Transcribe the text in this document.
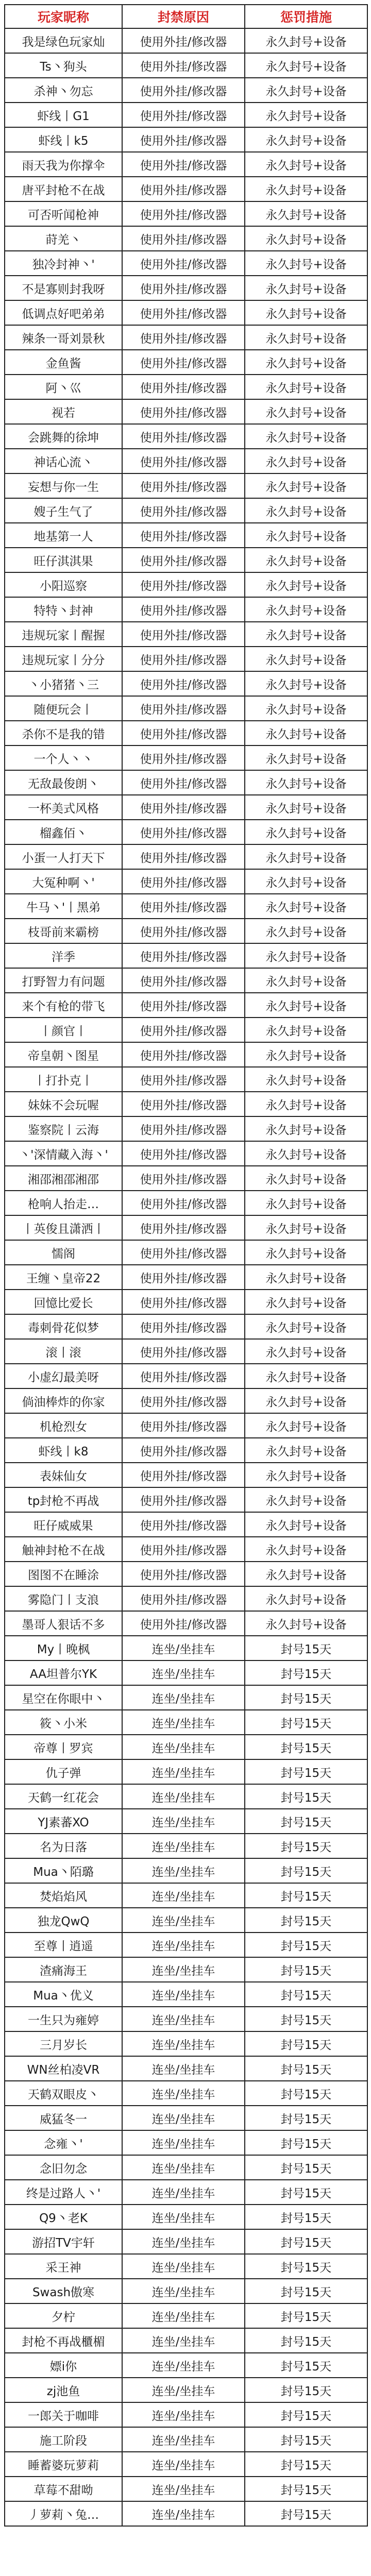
玩家昵称	封禁原因	惩罚措施
我是绿色玩家灿	使用外挂/修改器	永久封号+设备
Ts丶狗头	使用外挂/修改器	永久封号+设备
杀神丶勿忘	使用外挂/修改器	永久封号+设备
虾线丨G1	使用外挂/修改器	永久封号+设备
虾线丨k5	使用外挂/修改器	永久封号+设备
雨天我为你撑伞	使用外挂/修改器	永久封号+设备
唐平封枪不在战	使用外挂/修改器	永久封号+设备
可否听闻枪神	使用外挂/修改器	永久封号+设备
莳羌丶	使用外挂/修改器	永久封号+设备
独冷封神丶'	使用外挂/修改器	永久封号+设备
不是寡则封我呀	使用外挂/修改器	永久封号+设备
低调点好吧弟弟	使用外挂/修改器	永久封号+设备
辣条一哥刘景秋	使用外挂/修改器	永久封号+设备
金鱼酱	使用外挂/修改器	永久封号+设备
阿丶巛	使用外挂/修改器	永久封号+设备
视若	使用外挂/修改器	永久封号+设备
会跳舞的徐坤	使用外挂/修改器	永久封号+设备
神话心流丶	使用外挂/修改器	永久封号+设备
妄想与你一生	使用外挂/修改器	永久封号+设备
嫂子生气了	使用外挂/修改器	永久封号+设备
地基第一人	使用外挂/修改器	永久封号+设备
旺仔淇淇果	使用外挂/修改器	永久封号+设备
小阳巡察	使用外挂/修改器	永久封号+设备
特特丶封神	使用外挂/修改器	永久封号+设备
违规玩家丨醒握	使用外挂/修改器	永久封号+设备
违规玩家丨分分	使用外挂/修改器	永久封号+设备
丶小猪猪丶三	使用外挂/修改器	永久封号+设备
随便玩会丨	使用外挂/修改器	永久封号+设备
杀你不是我的错	使用外挂/修改器	永久封号+设备
一个人丶丶	使用外挂/修改器	永久封号+设备
无敌最俊朗丶	使用外挂/修改器	永久封号+设备
一杯美式风格	使用外挂/修改器	永久封号+设备
榴鑫佰丶	使用外挂/修改器	永久封号+设备
小蛋一人打天下	使用外挂/修改器	永久封号+设备
大冤种啊丶'	使用外挂/修改器	永久封号+设备
牛马丶'丨黑弟	使用外挂/修改器	永久封号+设备
枝哥前来霸榜	使用外挂/修改器	永久封号+设备
洋季	使用外挂/修改器	永久封号+设备
打野智力有问题	使用外挂/修改器	永久封号+设备
来个有枪的带飞	使用外挂/修改器	永久封号+设备
丨颜官丨	使用外挂/修改器	永久封号+设备
帝皇朝丶图星	使用外挂/修改器	永久封号+设备
丨打扑克丨	使用外挂/修改器	永久封号+设备
妹妹不会玩喔	使用外挂/修改器	永久封号+设备
鉴察院丨云海	使用外挂/修改器	永久封号+设备
丶'深情藏入海丶'	使用外挂/修改器	永久封号+设备
湘邵湘邵湘邵	使用外挂/修改器	永久封号+设备
枪响人抬走…	使用外挂/修改器	永久封号+设备
丨英俊且潇洒丨	使用外挂/修改器	永久封号+设备
懦阁	使用外挂/修改器	永久封号+设备
王缠丶皇帝22	使用外挂/修改器	永久封号+设备
回憶比爱长	使用外挂/修改器	永久封号+设备
毒刺骨花似梦	使用外挂/修改器	永久封号+设备
滚丨滚	使用外挂/修改器	永久封号+设备
小虚幻最美呀	使用外挂/修改器	永久封号+设备
倘油棒炸的你家	使用外挂/修改器	永久封号+设备
机枪烈女	使用外挂/修改器	永久封号+设备
虾线丨k8	使用外挂/修改器	永久封号+设备
表妹仙女	使用外挂/修改器	永久封号+设备
tp封枪不再战	使用外挂/修改器	永久封号+设备
旺仔威威果	使用外挂/修改器	永久封号+设备
触神封枪不在战	使用外挂/修改器	永久封号+设备
图图不在睡涂	使用外挂/修改器	永久封号+设备
雾隐门丨支浪	使用外挂/修改器	永久封号+设备
墨哥人狠话不多	使用外挂/修改器	永久封号+设备
My丨晚枫	连坐/坐挂车	封号15天
AA坦普尔YK	连坐/坐挂车	封号15天
星空在你眼中丶	连坐/坐挂车	封号15天
筱丶小米	连坐/坐挂车	封号15天
帝尊丨罗宾	连坐/坐挂车	封号15天
仇子弹	连坐/坐挂车	封号15天
天鹤一红花会	连坐/坐挂车	封号15天
YJ素蕃XO	连坐/坐挂车	封号15天
名为日落	连坐/坐挂车	封号15天
Mua丶陌璐	连坐/坐挂车	封号15天
焚焰焰风	连坐/坐挂车	封号15天
独龙QwQ	连坐/坐挂车	封号15天
至尊丨逍遥	连坐/坐挂车	封号15天
渣痛海王	连坐/坐挂车	封号15天
Mua丶优义	连坐/坐挂车	封号15天
一生只为雍婷	连坐/坐挂车	封号15天
三月岁长	连坐/坐挂车	封号15天
WN丝柏凌VR	连坐/坐挂车	封号15天
天鹤双眼皮丶	连坐/坐挂车	封号15天
威猛冬一	连坐/坐挂车	封号15天
念雍丶'	连坐/坐挂车	封号15天
念旧勿念	连坐/坐挂车	封号15天
终是过路人丶'	连坐/坐挂车	封号15天
Q9丶老K	连坐/坐挂车	封号15天
游招TV宇轩	连坐/坐挂车	封号15天
采王神	连坐/坐挂车	封号15天
Swash傲寒	连坐/坐挂车	封号15天
夕柠	连坐/坐挂车	封号15天
封枪不再战櫃楣	连坐/坐挂车	封号15天
嫖i你	连坐/坐挂车	封号15天
zj池鱼	连坐/坐挂车	封号15天
一郎关于咖啡	连坐/坐挂车	封号15天
施工阶段	连坐/坐挂车	封号15天
睡蓄婆玩萝莉	连坐/坐挂车	封号15天
草莓不甜呦	连坐/坐挂车	封号15天
丿萝莉丶兔…	连坐/坐挂车	封号15天
